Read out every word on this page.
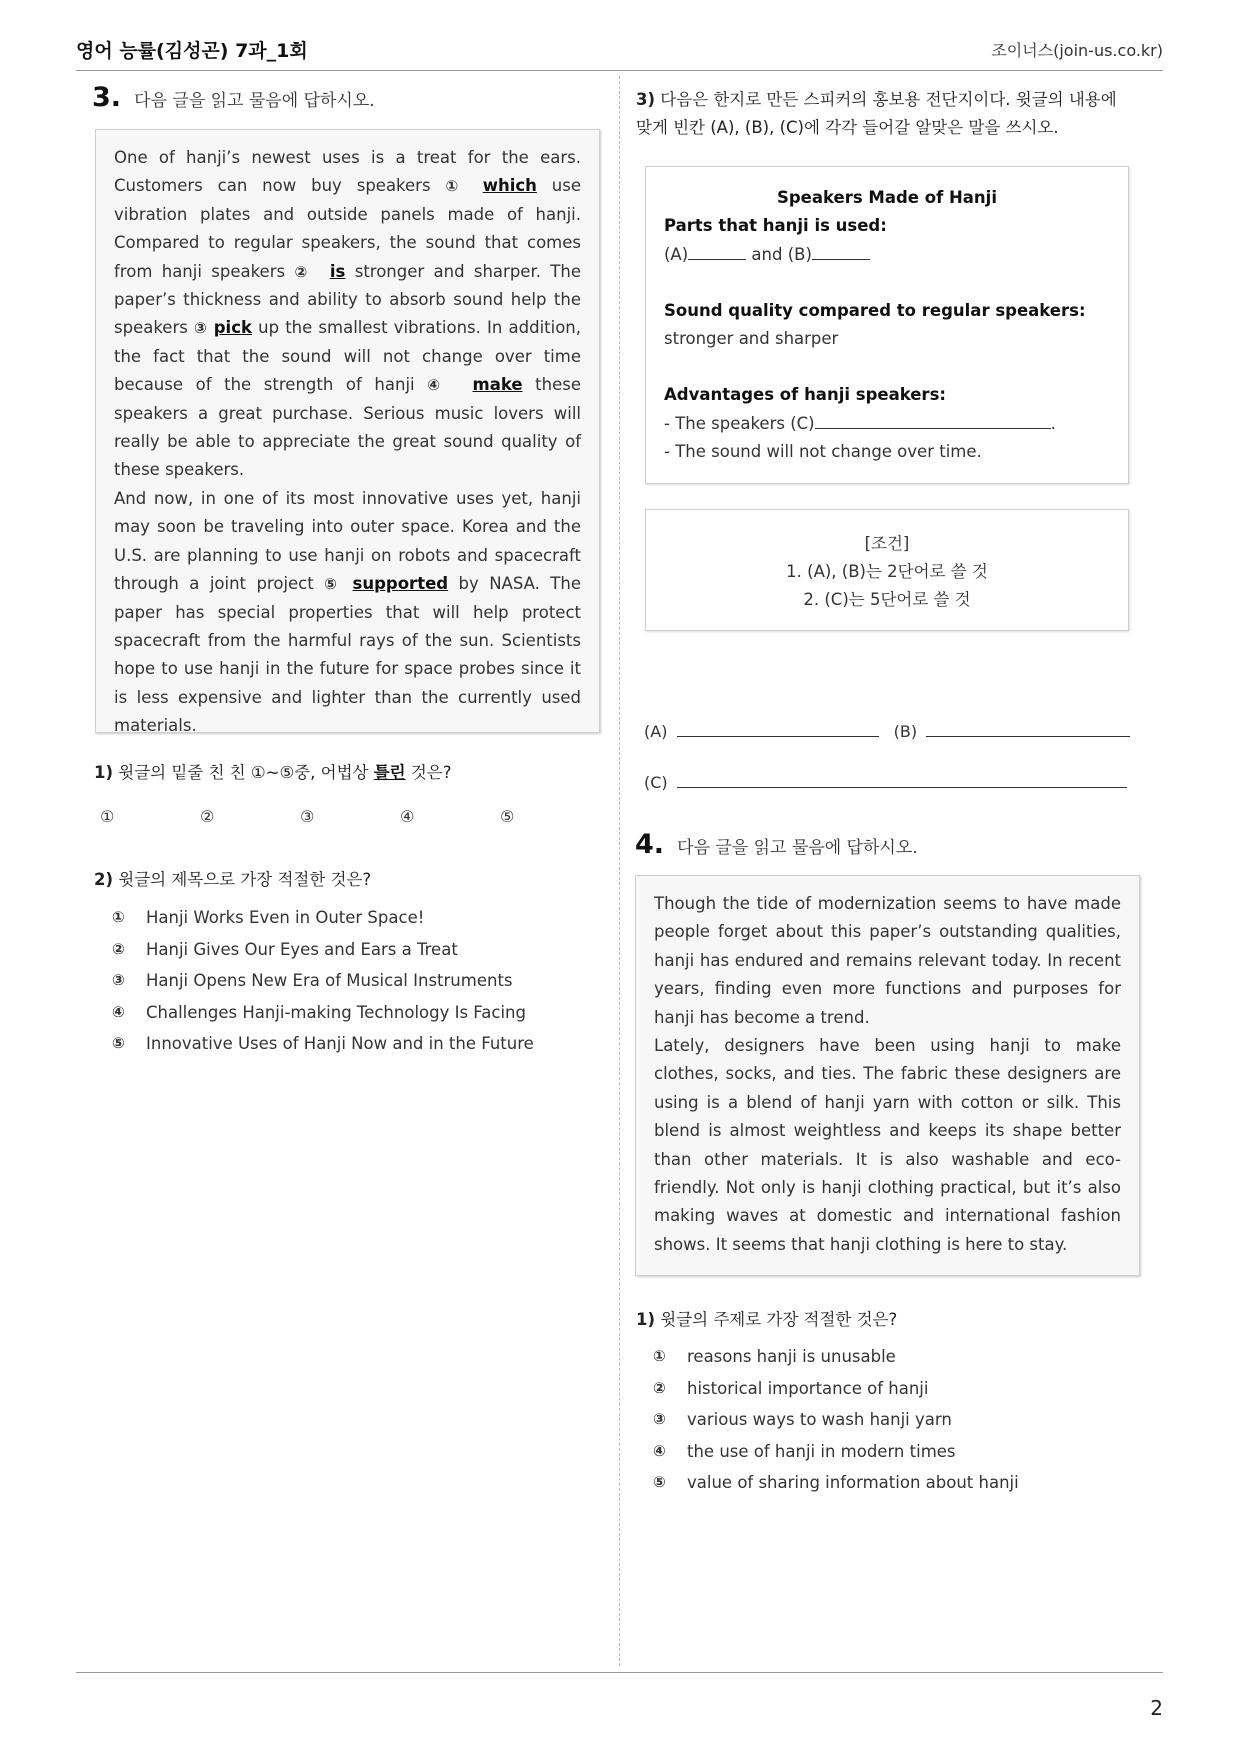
영어 능률(김성곤) 7과_1회	조이너스(join-us.co.kr)
3. 다음 글을 읽고 물음에 답하시오.

One of hanji’s newest uses is a treat for the ears. Customers can now buy speakers ① which use vibration plates and outside panels made of hanji. Compared to regular speakers, the sound that comes from hanji speakers ② is stronger and sharper. The paper’s thickness and ability to absorb sound help the speakers ③ pick up the smallest vibrations. In addition, the fact that the sound will not change over time because of the strength of hanji ④ make these speakers a great purchase. Serious music lovers will really be able to appreciate the great sound quality of these speakers.

And now, in one of its most innovative uses yet, hanji may soon be traveling into outer space. Korea and the U.S. are planning to use hanji on robots and spacecraft through a joint project ⑤ supported by NASA. The paper has special properties that will help protect spacecraft from the harmful rays of the sun. Scientists hope to use hanji in the future for space probes since it is less expensive and lighter than the currently used materials.

1) 윗글의 밑줄 친 친 ①~⑤중, 어법상 틀린 것은?
①	②	③	④	⑤
2) 윗글의 제목으로 가장 적절한 것은?
①	Hanji Works Even in Outer Space!
②	Hanji Gives Our Eyes and Ears a Treat
③	Hanji Opens New Era of Musical Instruments
④	Challenges Hanji-making Technology Is Facing
⑤	Innovative Uses of Hanji Now and in the Future
3) 다음은 한지로 만든 스피커의 홍보용 전단지이다. 윗글의 내용에 맞게 빈칸 (A), (B), (C)에 각각 들어갈 알맞은 말을 쓰시오.
Speakers Made of Hanji
Parts that hanji is used:
(A)	and (B)
Sound quality compared to regular speakers:
stronger and sharper
Advantages of hanji speakers:
- The speakers (C)	.
- The sound will not change over time.
[조건]
1. (A), (B)는 2단어로 쓸 것
2. (C)는 5단어로 쓸 것
(A)	(B)
(C)
4. 다음 글을 읽고 물음에 답하시오.

Though the tide of modernization seems to have made people forget about this paper’s outstanding qualities, hanji has endured and remains relevant today. In recent years, finding even more functions and purposes for hanji has become a trend.

Lately, designers have been using hanji to make clothes, socks, and ties. The fabric these designers are using is a blend of hanji yarn with cotton or silk. This blend is almost weightless and keeps its shape better than other materials. It is also washable and eco-friendly. Not only is hanji clothing practical, but it’s also making waves at domestic and international fashion shows. It seems that hanji clothing is here to stay.

1) 윗글의 주제로 가장 적절한 것은?
①	reasons hanji is unusable
②	historical importance of hanji
③	various ways to wash hanji yarn
④	the use of hanji in modern times
⑤	value of sharing information about hanji
2
